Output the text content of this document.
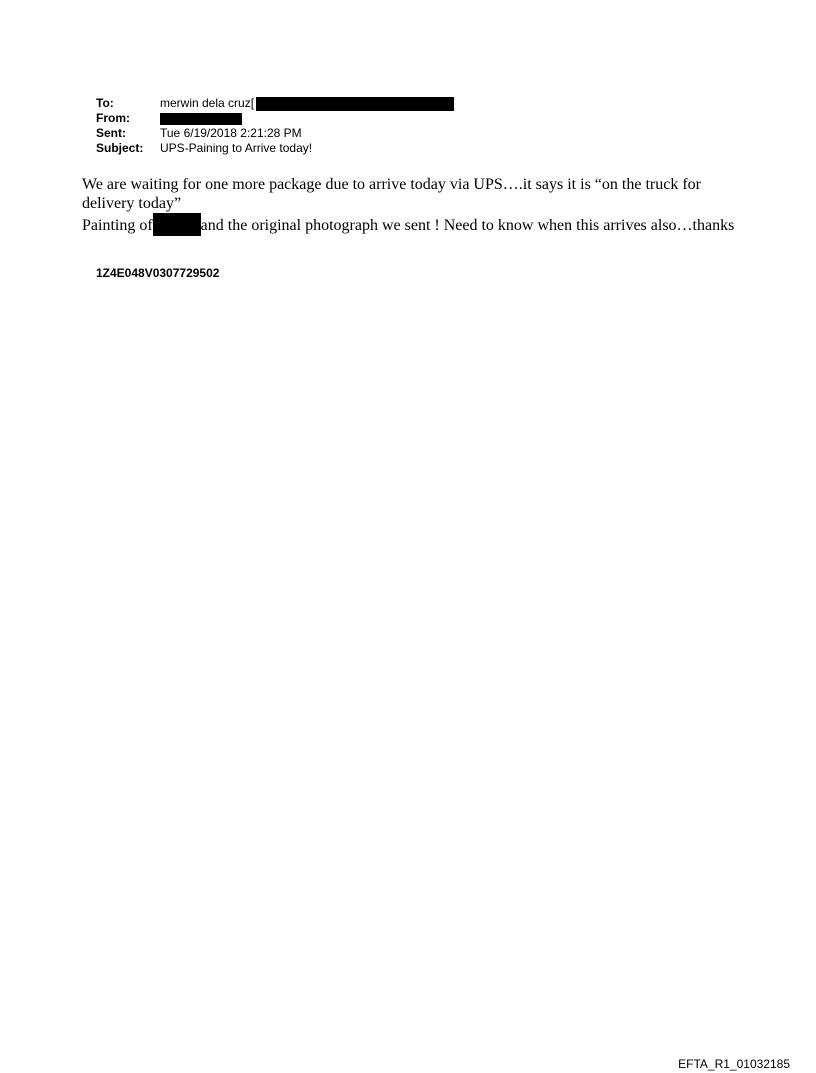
To:	merwin dela cruz[
From:
Sent:	Tue 6/19/2018 2:21:28 PM
Subject:	UPS-Paining to Arrive today!

We are waiting for one more package due to arrive today via UPS….it says it is “on the truck for delivery today”

Painting of	and the original photograph we sent ! Need to know when this arrives also…thanks

1Z4E048V0307729502
EFTA_R1_01032185
